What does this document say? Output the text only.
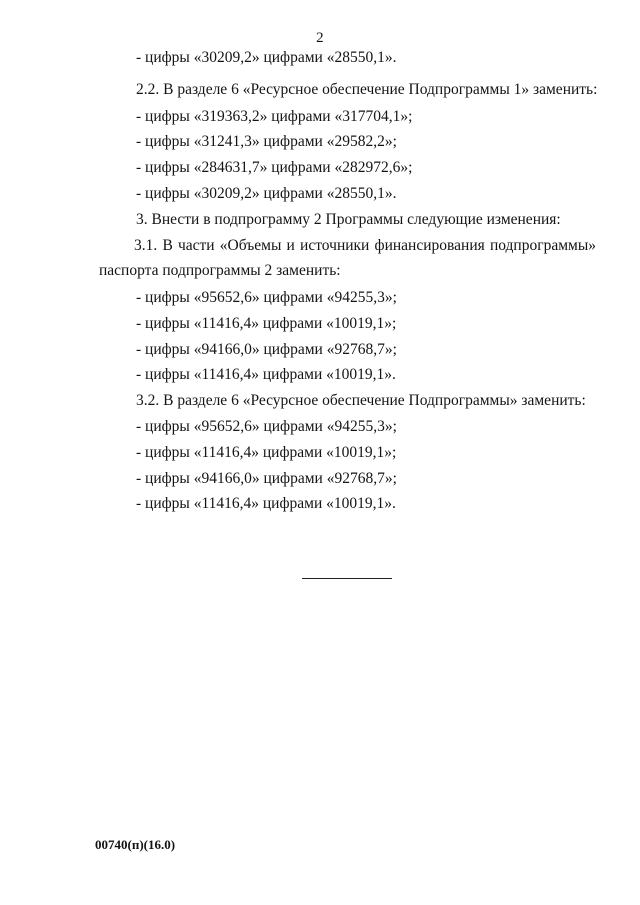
2
- цифры «30209,2» цифрами «28550,1».
2.2. В разделе 6 «Ресурсное обеспечение Подпрограммы 1» заменить:
- цифры «319363,2» цифрами «317704,1»;
- цифры «31241,3» цифрами «29582,2»;
- цифры «284631,7» цифрами «282972,6»;
- цифры «30209,2» цифрами «28550,1».
3. Внести в подпрограмму 2 Программы следующие изменения:
3.1. В части «Объемы и источники финансирования подпрограммы»
паспорта подпрограммы 2 заменить:
- цифры «95652,6» цифрами «94255,3»;
- цифры «11416,4» цифрами «10019,1»;
- цифры «94166,0» цифрами «92768,7»;
- цифры «11416,4» цифрами «10019,1».
3.2. В разделе 6 «Ресурсное обеспечение Подпрограммы» заменить:
- цифры «95652,6» цифрами «94255,3»;
- цифры «11416,4» цифрами «10019,1»;
- цифры «94166,0» цифрами «92768,7»;
- цифры «11416,4» цифрами «10019,1».
00740(п)(16.0)
